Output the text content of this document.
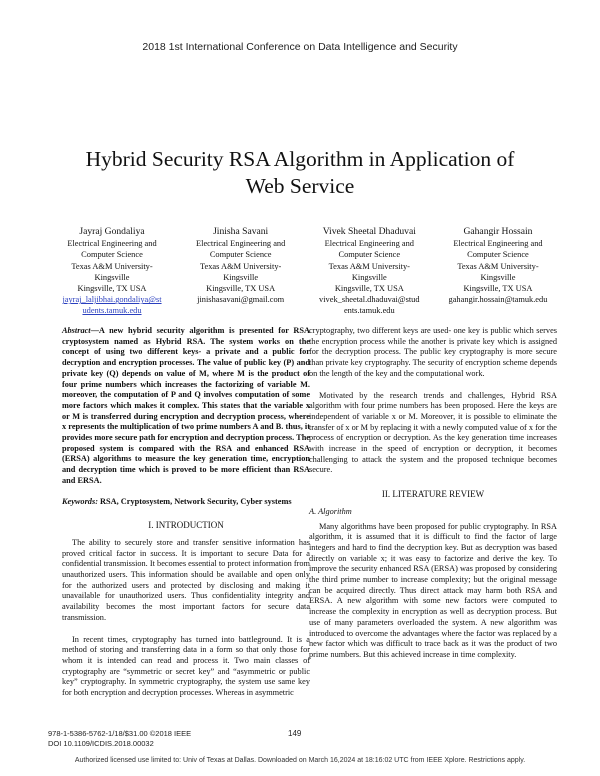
2018 1st International Conference on Data Intelligence and Security
Hybrid Security RSA Algorithm in Application of
Web Service
Jayraj Gondaliya
Electrical Engineering and
Computer Science
Texas A&M University-
Kingsville
Kingsville, TX USA
jayraj_laljibhai.gondaliya@st
udents.tamuk.edu
Jinisha Savani
Electrical Engineering and
Computer Science
Texas A&M University-
Kingsville
Kingsville, TX USA
jinishasavani@gmail.com
Vivek Sheetal Dhaduvai
Electrical Engineering and
Computer Science
Texas A&M University-
Kingsville
Kingsville, TX USA
vivek_sheetal.dhaduvai@stud
ents.tamuk.edu
Gahangir Hossain
Electrical Engineering and
Computer Science
Texas A&M University-
Kingsville
Kingsville, TX USA
gahangir.hossain@tamuk.edu
Abstract—A new hybrid security algorithm is presented for RSA cryptosystem named as Hybrid RSA. The system works on the concept of using two different keys- a private and a public for decryption and encryption processes. The value of public key (P) and private key (Q) depends on value of M, where M is the product of four prime numbers which increases the factorizing of variable M. moreover, the computation of P and Q involves computation of some more factors which makes it complex. This states that the variable x or M is transferred during encryption and decryption process, where x represents the multiplication of two prime numbers A and B. thus, it provides more secure path for encryption and decryption process. The proposed system is compared with the RSA and enhanced RSA (ERSA) algorithms to measure the key generation time, encryption and decryption time which is proved to be more efficient than RSA and ERSA.
Keywords: RSA, Cryptosystem, Network Security, Cyber systems
I. INTRODUCTION

The ability to securely store and transfer sensitive information has proved critical factor in success. It is important to secure Data for a confidential transmission. It becomes essential to protect information from unauthorized users. This information should be available and open only for the authorized users and protected by disclosing and making it unavailable for unauthorized users. Thus confidentiality integrity and availability becomes the most important factors for secure data transmission.

In recent times, cryptography has turned into battleground. It is a method of storing and transferring data in a form so that only those for whom it is intended can read and process it. Two main classes of cryptography are “symmetric or secret key” and “asymmetric or public key” cryptography. In symmetric cryptography, the system use same key for both encryption and decryption processes. Whereas in asymmetric

cryptography, two different keys are used- one key is public which serves the encryption process while the another is private key which is assigned for the decryption process. The public key cryptography is more secure than private key cryptography. The security of encryption scheme depends on the length of the key and the computational work.

Motivated by the research trends and challenges, Hybrid RSA algorithm with four prime numbers has been proposed. Here the keys are independent of variable x or M. Moreover, it is possible to eliminate the transfer of x or M by replacing it with a newly computed value of x for the process of encryption or decryption. As the key generation time increases with increase in the speed of encryption or decryption, it becomes challenging to attack the system and the proposed technique becomes secure.

II. LITERATURE REVIEW
A. Algorithm

Many algorithms have been proposed for public cryptography. In RSA algorithm, it is assumed that it is difficult to find the factor of large integers and hard to find the decryption key. But as decryption was based directly on variable x; it was easy to factorize and derive the key. To improve the security enhanced RSA (ERSA) was proposed by considering the third prime number to increase complexity; but the original message can be acquired directly. Thus direct attack may harm both RSA and ERSA. A new algorithm with some new factors were computed to increase the complexity in encryption as well as decryption process. But use of many parameters overloaded the system. A new algorithm was introduced to overcome the advantages where the factor was replaced by a new factor which was difficult to trace back as it was the product of two prime numbers. But this achieved increase in time complexity.

978-1-5386-5762-1/18/$31.00 ©2018 IEEE
DOI 10.1109/ICDIS.2018.00032
149
Authorized licensed use limited to: Univ of Texas at Dallas. Downloaded on March 16,2024 at 18:16:02 UTC from IEEE Xplore. Restrictions apply.
